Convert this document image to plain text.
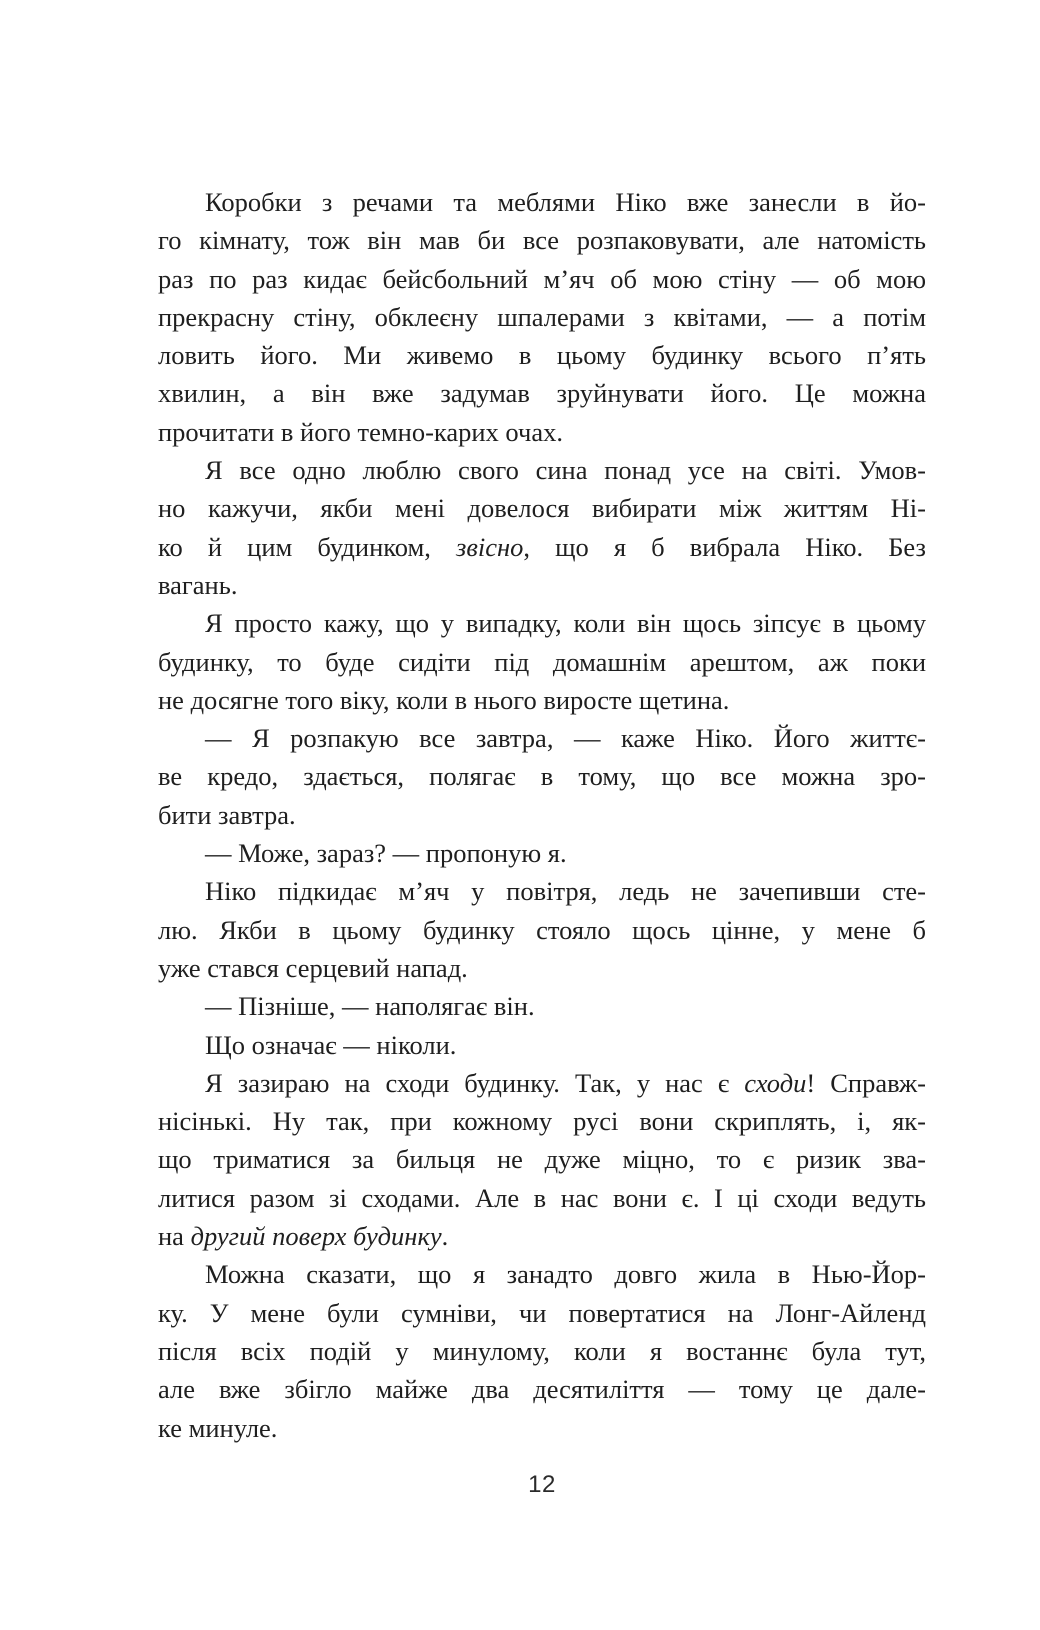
Коробки з речами та меблями Ніко вже занесли в йо-
го кімнату, тож він мав би все розпаковувати, але натомість
раз по раз кидає бейсбольний м’яч об мою стіну — об мою
прекрасну стіну, обклеєну шпалерами з квітами, — а потім
ловить його. Ми живемо в цьому будинку всього п’ять
хвилин, а він вже задумав зруйнувати його. Це можна
прочитати в його темно-карих очах.

Я все одно люблю свого сина понад усе на світі. Умов-
но кажучи, якби мені довелося вибирати між життям Ні-
ко й цим будинком, звісно, що я б вибрала Ніко. Без
вагань.

Я просто кажу, що у випадку, коли він щось зіпсує в цьому
будинку, то буде сидіти під домашнім арештом, аж поки
не досягне того віку, коли в нього виросте щетина.

— Я розпакую все завтра, — каже Ніко. Його життє-
ве кредо, здається, полягає в тому, що все можна зро-
бити завтра.

— Може, зараз? — пропоную я.

Ніко підкидає м’яч у повітря, ледь не зачепивши сте-
лю. Якби в цьому будинку стояло щось цінне, у мене б
уже стався серцевий напад.

— Пізніше, — наполягає він.

Що означає — ніколи.

Я зазираю на сходи будинку. Так, у нас є сходи! Справж-
нісінькі. Ну так, при кожному русі вони скриплять, і, як-
що триматися за бильця не дуже міцно, то є ризик зва-
литися разом зі сходами. Але в нас вони є. І ці сходи ведуть
на другий поверх будинку.

Можна сказати, що я занадто довго жила в Нью-Йор-
ку. У мене були сумніви, чи повертатися на Лонг-Айленд
після всіх подій у минулому, коли я востаннє була тут,
але вже збігло майже два десятиліття — тому це дале-
ке минуле.

12
